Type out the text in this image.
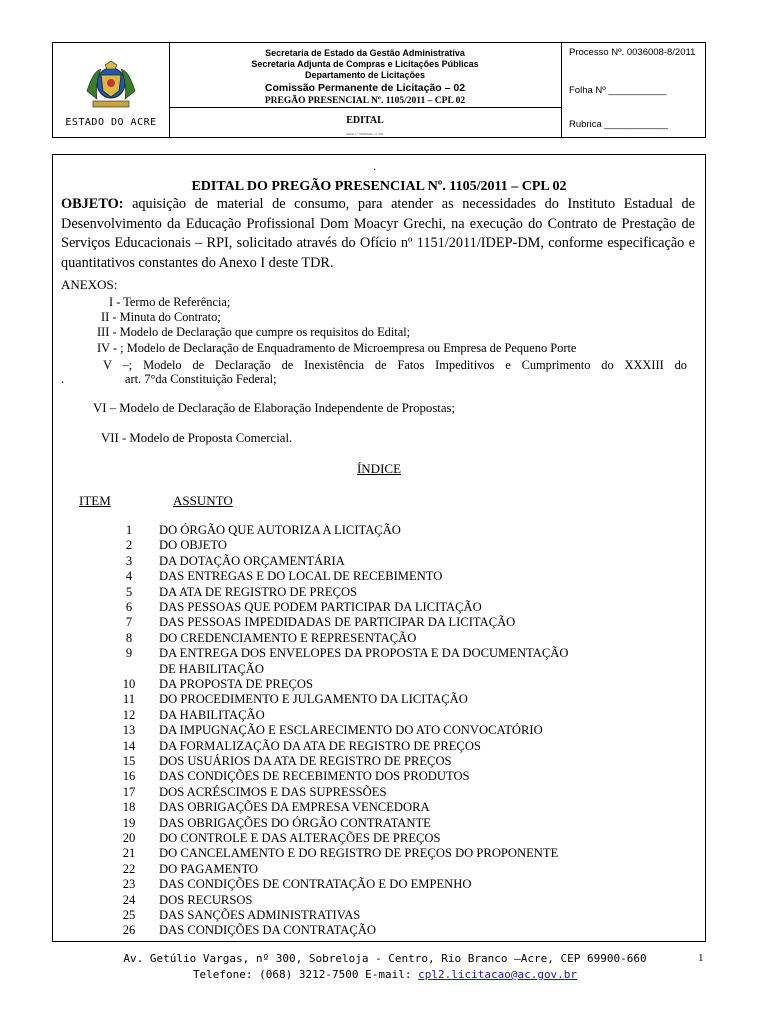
ESTADO DO ACRE
Secretaria de Estado da Gestão Administrativa
Secretaria Adjunta de Compras e Licitações Públicas
Departamento de Licitações
Comissão Permanente de Licitação – 02
PREGÃO PRESENCIAL Nº. 1105/2011 – CPL 02
EDITAL
Edital n.º 1105/2011 - fl. 001
Processo Nº. 0036008-8/2011
Folha Nº ___________
Rubrica ____________
.
EDITAL DO PREGÃO PRESENCIAL Nº. 1105/2011 – CPL 02
OBJETO: aquisição de material de consumo, para atender as necessidades do Instituto Estadual de Desenvolvimento da Educação Profissional Dom Moacyr Grechi, na execução do Contrato de Prestação de Serviços Educacionais – RPI, solicitado através do Ofício nº 1151/2011/IDEP-DM, conforme especificação e quantitativos constantes do Anexo I deste TDR.
ANEXOS:
I - Termo de Referência;
II - Minuta do Contrato;
III - Modelo de Declaração que cumpre os requisitos do Edital;
IV - ; Modelo de Declaração de Enquadramento de Microempresa ou Empresa de Pequeno Porte
V –; Modelo de Declaração de Inexistência de Fatos Impeditivos e Cumprimento do XXXIII do
.	art. 7°da Constituição Federal;
VI – Modelo de Declaração de Elaboração Independente de Propostas;
VII - Modelo de Proposta Comercial.
ÍNDICE
ITEM	ASSUNTO
1	DO ÓRGÃO QUE AUTORIZA A LICITAÇÃO
2	DO OBJETO
3	DA DOTAÇÃO ORÇAMENTÁRIA
4	DAS ENTREGAS E DO LOCAL DE RECEBIMENTO
5	DA ATA DE REGISTRO DE PREÇOS
6	DAS PESSOAS QUE PODEM PARTICIPAR DA LICITAÇÃO
7	DAS PESSOAS IMPEDIDADAS DE PARTICIPAR DA LICITAÇÃO
8	DO CREDENCIAMENTO E REPRESENTAÇÃO
9	DA ENTREGA DOS ENVELOPES DA PROPOSTA E DA DOCUMENTAÇÃO
DE HABILITAÇÃO
10	DA PROPOSTA DE PREÇOS
11	DO PROCEDIMENTO E JULGAMENTO DA LICITAÇÃO
12	DA HABILITAÇÃO
13	DA IMPUGNAÇÃO E ESCLARECIMENTO DO ATO CONVOCATÓRIO
14	DA FORMALIZAÇÃO DA ATA DE REGISTRO DE PREÇOS
15	DOS USUÁRIOS DA ATA DE REGISTRO DE PREÇOS
16	DAS CONDIÇÕES DE RECEBIMENTO DOS PRODUTOS
17	DOS ACRÉSCIMOS E DAS SUPRESSÕES
18	DAS OBRIGAÇÕES DA EMPRESA VENCEDORA
19	DAS OBRIGAÇÕES DO ÓRGÃO CONTRATANTE
20	DO CONTROLE E DAS ALTERAÇÕES DE PREÇOS
21	DO CANCELAMENTO E DO REGISTRO DE PREÇOS DO PROPONENTE
22	DO PAGAMENTO
23	DAS CONDIÇÕES DE CONTRATAÇÃO E DO EMPENHO
24	DOS RECURSOS
25	DAS SANÇÕES ADMINISTRATIVAS
26	DAS CONDIÇÕES DA CONTRATAÇÃO
Av. Getúlio Vargas, nº 300, Sobreloja - Centro, Rio Branco –Acre, CEP 69900-660
Telefone: (068) 3212-7500 E-mail: cpl2.licitacao@ac.gov.br
1
